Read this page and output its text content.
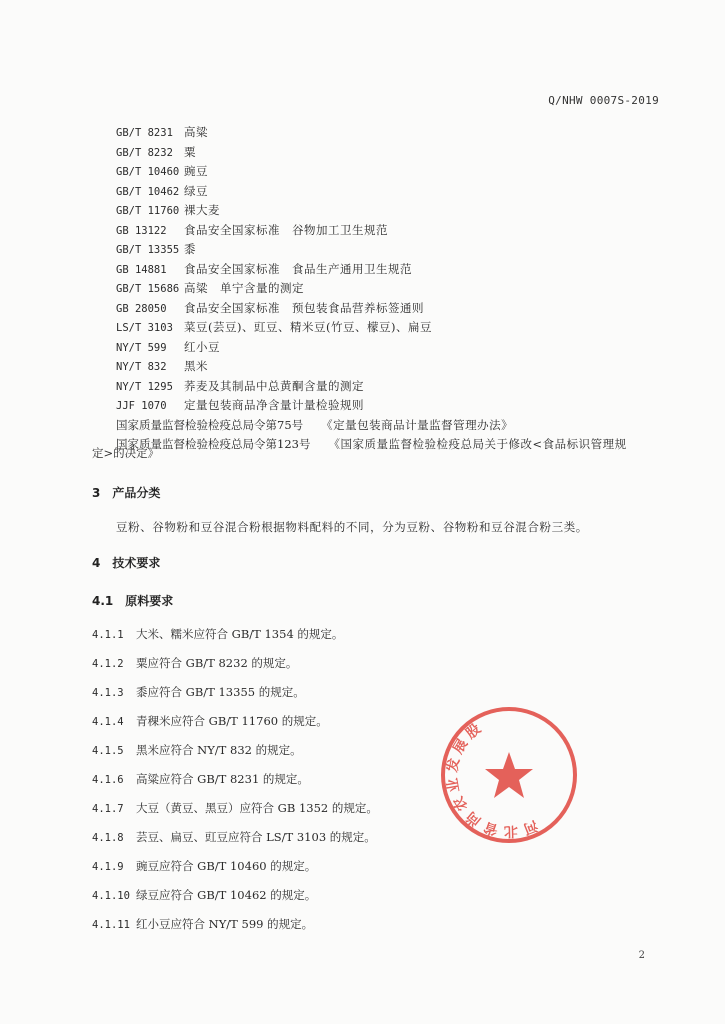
Q/NHW 0007S-2019
GB/T 8231 高粱
GB/T 8232 粟
GB/T 10460 豌豆
GB/T 10462 绿豆
GB/T 11760 裸大麦
GB 13122 食品安全国家标准　谷物加工卫生规范
GB/T 13355 黍
GB 14881 食品安全国家标准　食品生产通用卫生规范
GB/T 15686 高粱　单宁含量的测定
GB 28050 食品安全国家标准　预包装食品营养标签通则
LS/T 3103 菜豆(芸豆)、豇豆、精米豆(竹豆、檬豆)、扁豆
NY/T 599 红小豆
NY/T 832 黑米
NY/T 1295 荞麦及其制品中总黄酮含量的测定
JJF 1070 定量包装商品净含量计量检验规则
国家质量监督检验检疫总局令第75号 《定量包装商品计量监督管理办法》
国家质量监督检验检疫总局令第123号 《国家质量监督检验检疫总局关于修改<食品标识管理规
定>的决定》
3　产品分类
豆粉、谷物粉和豆谷混合粉根据物料配料的不同，分为豆粉、谷物粉和豆谷混合粉三类。
4　技术要求
4.1　原料要求
4.1.1 大米、糯米应符合 GB/T 1354 的规定。
4.1.2 粟应符合 GB/T 8232 的规定。
4.1.3 黍应符合 GB/T 13355 的规定。
4.1.4 青稞米应符合 GB/T 11760 的规定。
4.1.5 黑米应符合 NY/T 832 的规定。
4.1.6 高粱应符合 GB/T 8231 的规定。
4.1.7 大豆（黄豆、黑豆）应符合 GB 1352 的规定。
4.1.8 芸豆、扁豆、豇豆应符合 LS/T 3103 的规定。
4.1.9 豌豆应符合 GB/T 10460 的规定。
4.1.10 绿豆应符合 GB/T 10462 的规定。
4.1.11 红小豆应符合 NY/T 599 的规定。
河北省尚农业发展股份有限公司
2
